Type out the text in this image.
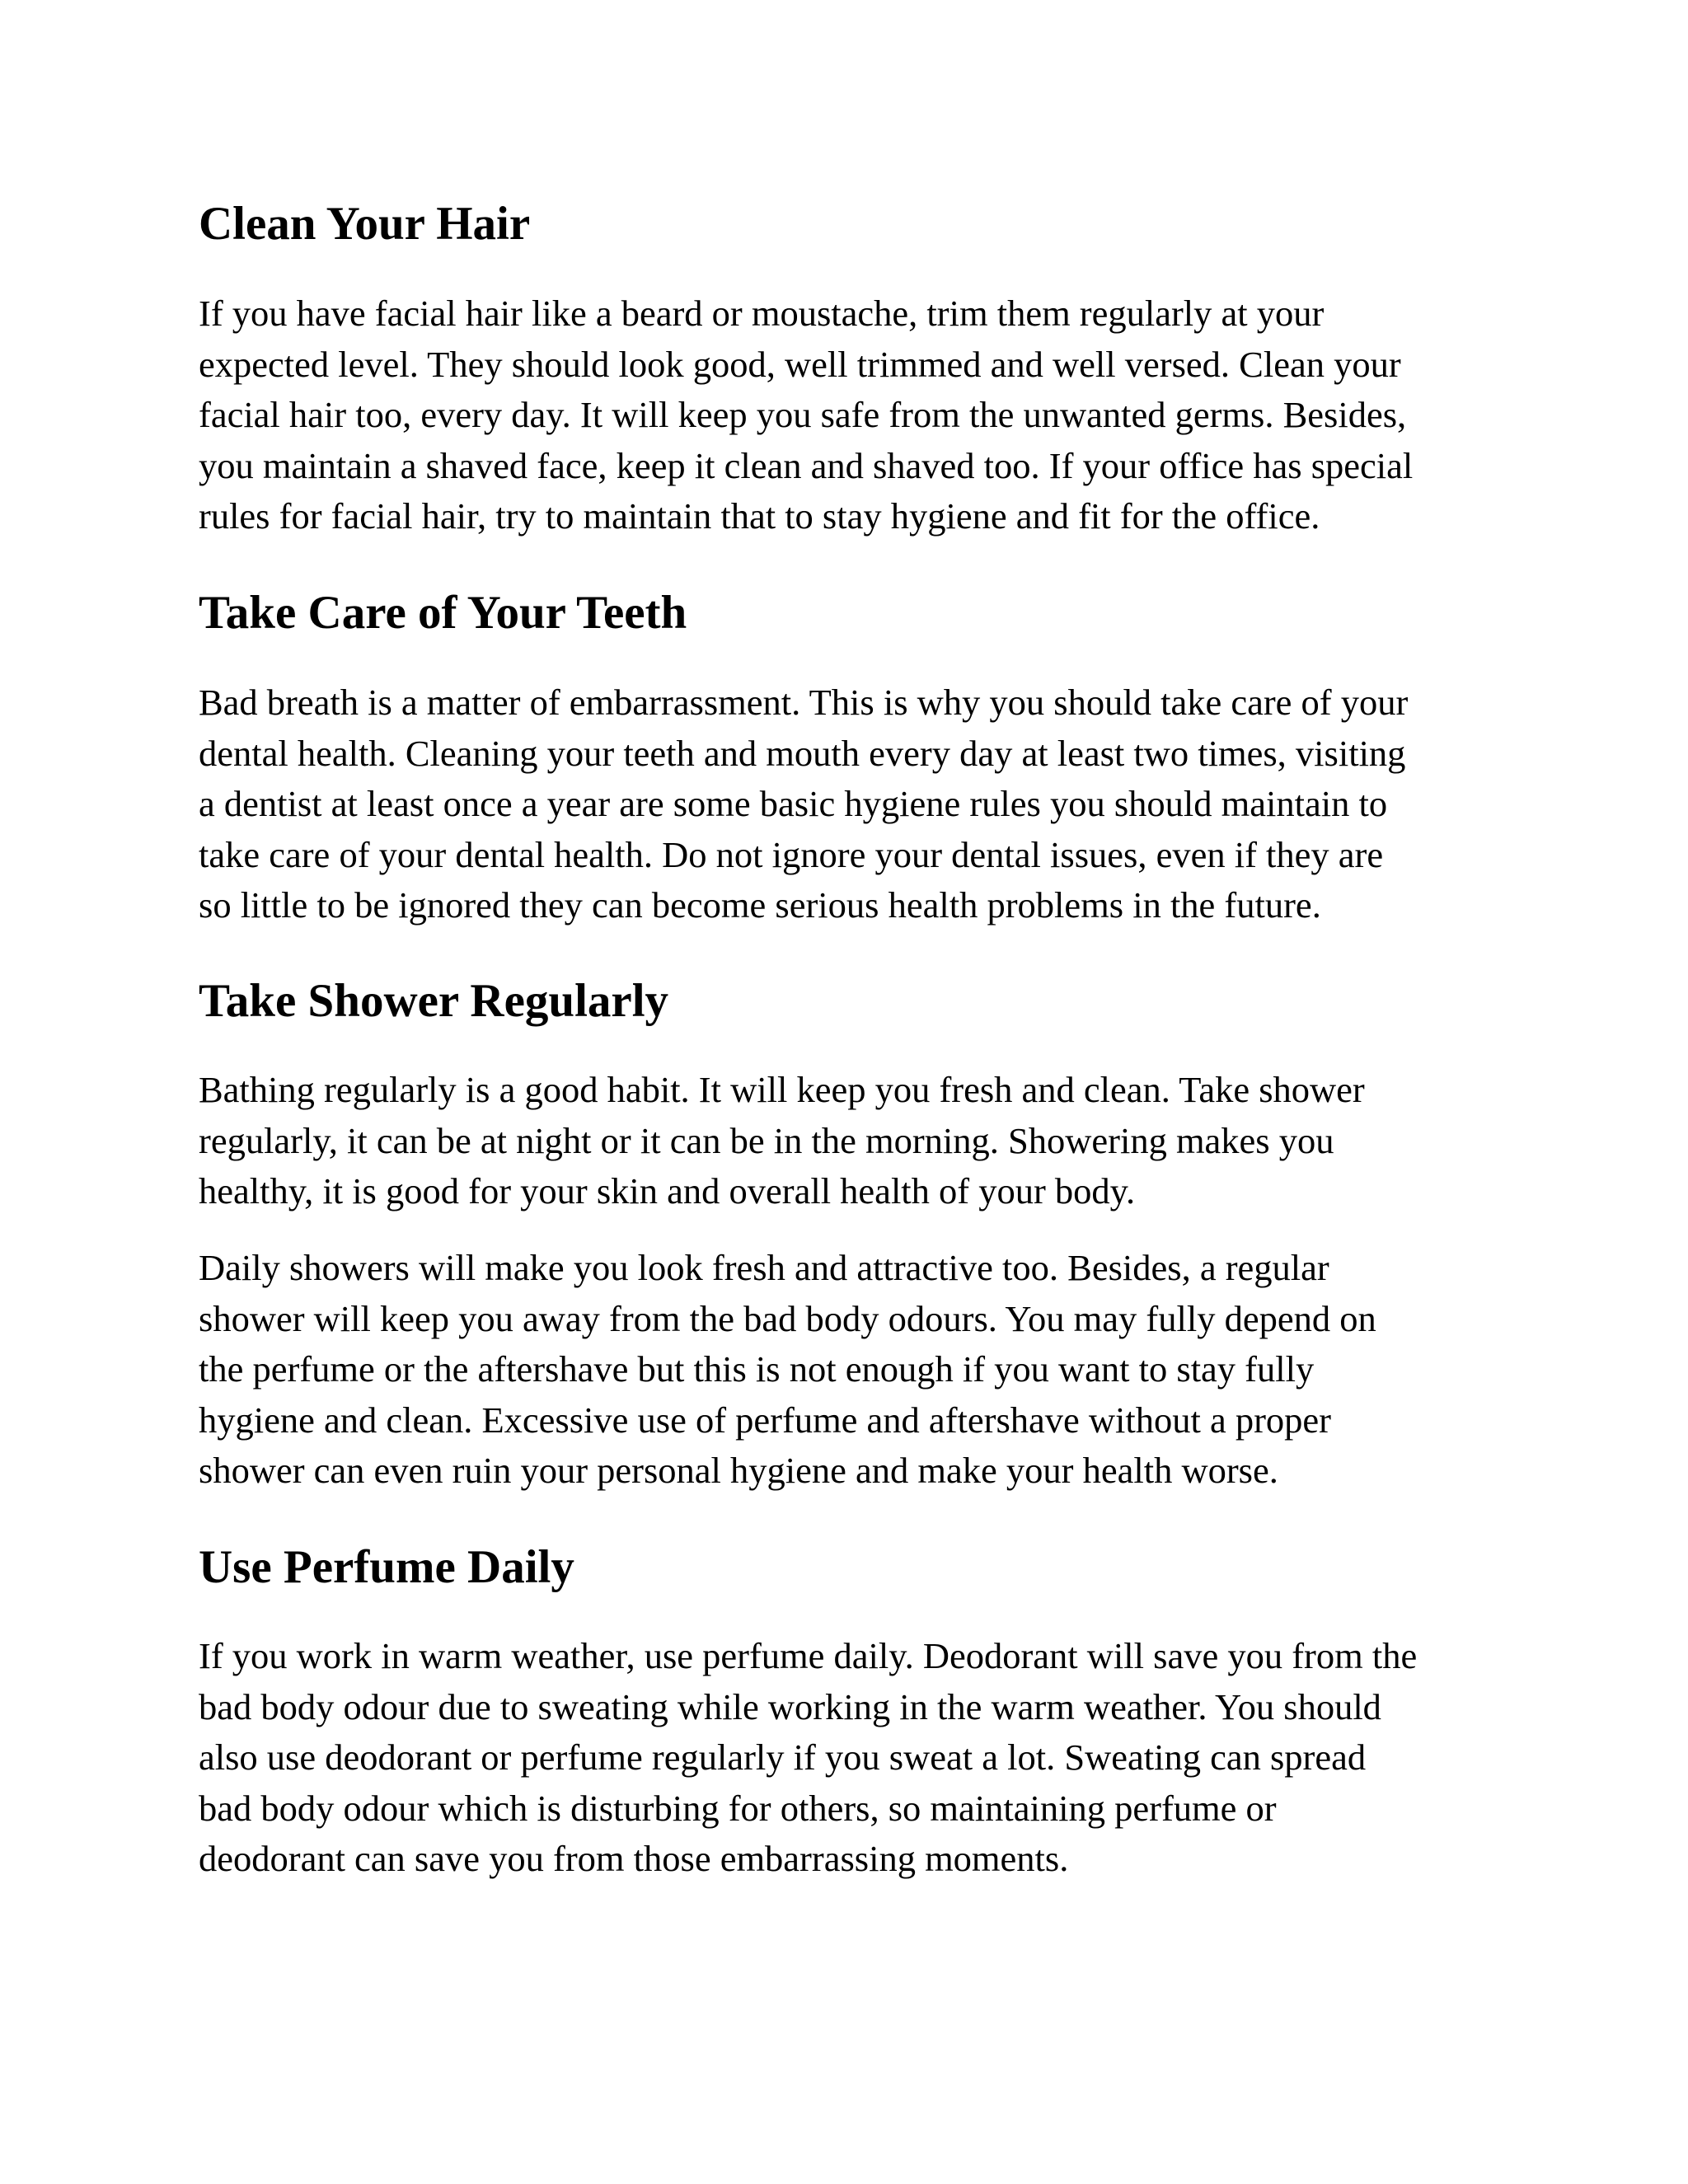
Clean Your Hair

If you have facial hair like a beard or moustache, trim them regularly at your
expected level. They should look good, well trimmed and well versed. Clean your
facial hair too, every day. It will keep you safe from the unwanted germs. Besides,
you maintain a shaved face, keep it clean and shaved too. If your office has special
rules for facial hair, try to maintain that to stay hygiene and fit for the office.

Take Care of Your Teeth

Bad breath is a matter of embarrassment. This is why you should take care of your
dental health. Cleaning your teeth and mouth every day at least two times, visiting
a dentist at least once a year are some basic hygiene rules you should maintain to
take care of your dental health. Do not ignore your dental issues, even if they are
so little to be ignored they can become serious health problems in the future.

Take Shower Regularly

Bathing regularly is a good habit. It will keep you fresh and clean. Take shower
regularly, it can be at night or it can be in the morning. Showering makes you
healthy, it is good for your skin and overall health of your body.

Daily showers will make you look fresh and attractive too. Besides, a regular
shower will keep you away from the bad body odours. You may fully depend on
the perfume or the aftershave but this is not enough if you want to stay fully
hygiene and clean. Excessive use of perfume and aftershave without a proper
shower can even ruin your personal hygiene and make your health worse.

Use Perfume Daily

If you work in warm weather, use perfume daily. Deodorant will save you from the
bad body odour due to sweating while working in the warm weather. You should
also use deodorant or perfume regularly if you sweat a lot. Sweating can spread
bad body odour which is disturbing for others, so maintaining perfume or
deodorant can save you from those embarrassing moments.
